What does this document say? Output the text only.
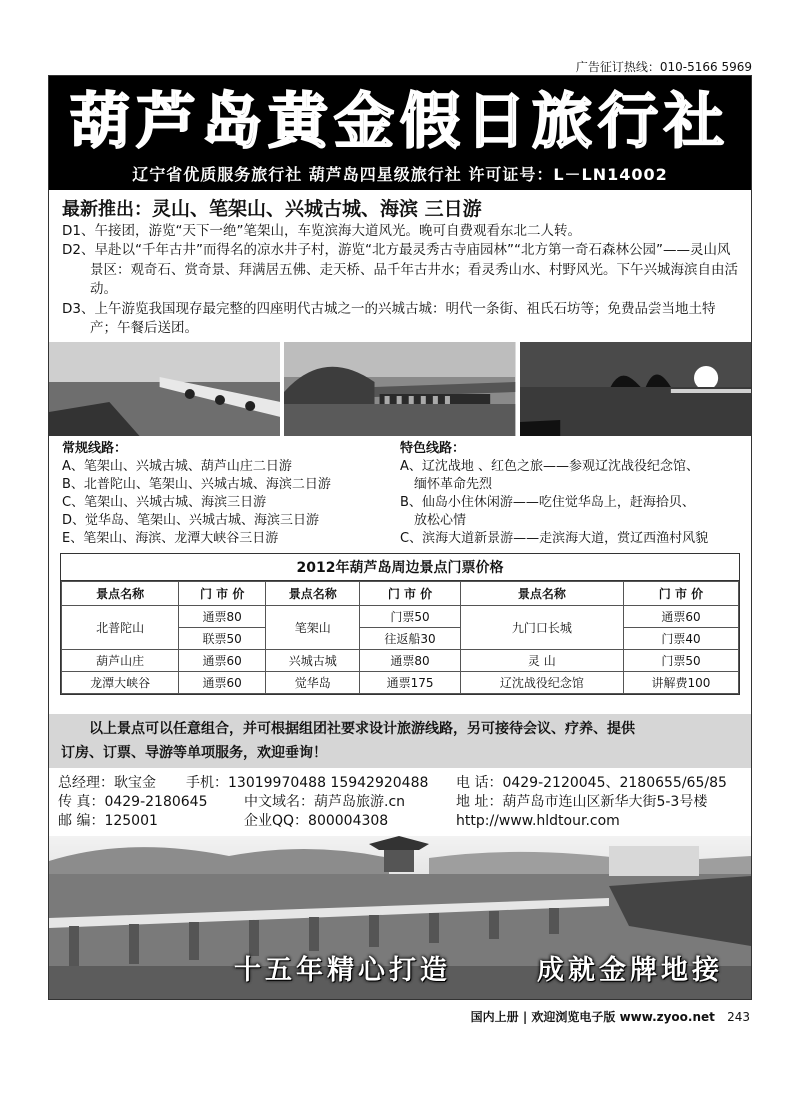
广告征订热线：010-5166 5969
葫芦岛黄金假日旅行社
辽宁省优质服务旅行社 葫芦岛四星级旅行社 许可证号：L－LN14002
最新推出：灵山、笔架山、兴城古城、海滨 三日游
D1、午接团，游览“天下一绝”笔架山，车览滨海大道风光。晚可自费观看东北二人转。
D2、早赴以“千年古井”而得名的凉水井子村，游览“北方最灵秀古寺庙园林”“北方第一奇石森林公园”——灵山风景区：观奇石、赏奇景、拜满居五佛、走天桥、品千年古井水；看灵秀山水、村野风光。下午兴城海滨自由活动。
D3、上午游览我国现存最完整的四座明代古城之一的兴城古城：明代一条街、祖氏石坊等；免费品尝当地土特产；午餐后送团。
常规线路：
A、笔架山、兴城古城、葫芦山庄二日游
B、北普陀山、笔架山、兴城古城、海滨二日游
C、笔架山、兴城古城、海滨三日游
D、觉华岛、笔架山、兴城古城、海滨三日游
E、笔架山、海滨、龙潭大峡谷三日游
特色线路：
A、辽沈战地 、红色之旅——参观辽沈战役纪念馆、
缅怀革命先烈
B、仙岛小住休闲游——吃住觉华岛上，赶海拾贝、
放松心情
C、滨海大道新景游——走滨海大道，赏辽西渔村风貌
2012年葫芦岛周边景点门票价格
景点名称	门 市 价	景点名称	门 市 价	景点名称	门 市 价
北普陀山	通票80	笔架山	门票50	九门口长城	通票60
	联票50		往返船30		门票40
葫芦山庄	通票60	兴城古城	通票80	灵 山	门票50
龙潭大峡谷	通票60	觉华岛	通票175	辽沈战役纪念馆	讲解费100
以上景点可以任意组合，并可根据组团社要求设计旅游线路，另可接待会议、疗养、提供
订房、订票、导游等单项服务，欢迎垂询！
总经理：耿宝金 手机：13019970488 15942920488 电 话：0429-2120045、2180655/65/85
传 真：0429-2180645	中文域名：葫芦岛旅游.cn	地 址：葫芦岛市连山区新华大街5-3号楼
邮 编：125001	企业QQ：800004308	http://www.hldtour.com
十五年精心打造	成就金牌地接
国内上册 | 欢迎浏览电子版 www.zyoo.net 243
